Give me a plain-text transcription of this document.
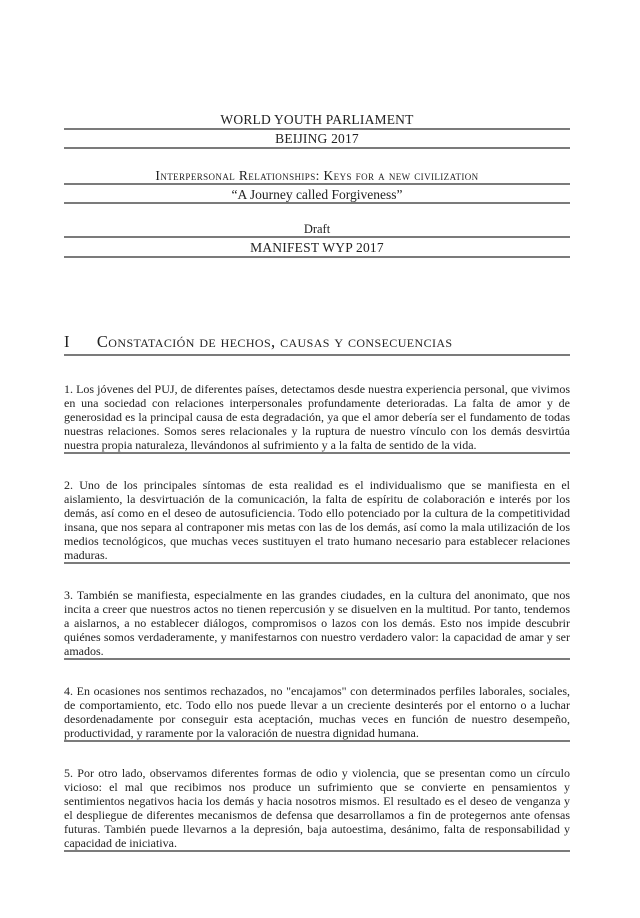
WORLD YOUTH PARLIAMENT
BEIJING 2017
Interpersonal Relationships: Keys for a new civilization
“A Journey called Forgiveness”
Draft
MANIFEST WYP 2017
I Constatación de hechos, causas y consecuencias

1. Los jóvenes del PUJ, de diferentes países, detectamos desde nuestra experiencia personal, que vivimos en una sociedad con relaciones interpersonales profundamente deterioradas. La falta de amor y de generosidad es la principal causa de esta degradación, ya que el amor debería ser el fundamento de todas nuestras relaciones. Somos seres relacionales y la ruptura de nuestro vínculo con los demás desvirtúa nuestra propia naturaleza, llevándonos al sufrimiento y a la falta de sentido de la vida.

2. Uno de los principales síntomas de esta realidad es el individualismo que se manifiesta en el aislamiento, la desvirtuación de la comunicación, la falta de espíritu de colaboración e interés por los demás, así como en el deseo de autosuficiencia. Todo ello potenciado por la cultura de la competitividad insana, que nos separa al contraponer mis metas con las de los demás, así como la mala utilización de los medios tecnológicos, que muchas veces sustituyen el trato humano necesario para establecer relaciones maduras.

3. También se manifiesta, especialmente en las grandes ciudades, en la cultura del anonimato, que nos incita a creer que nuestros actos no tienen repercusión y se disuelven en la multitud. Por tanto, tendemos a aislarnos, a no establecer diálogos, compromisos o lazos con los demás. Esto nos impide descubrir quiénes somos verdaderamente, y manifestarnos con nuestro verdadero valor: la capacidad de amar y ser amados.

4. En ocasiones nos sentimos rechazados, no "encajamos" con determinados perfiles laborales, sociales, de comportamiento, etc. Todo ello nos puede llevar a un creciente desinterés por el entorno o a luchar desordenadamente por conseguir esta aceptación, muchas veces en función de nuestro desempeño, productividad, y raramente por la valoración de nuestra dignidad humana.

5. Por otro lado, observamos diferentes formas de odio y violencia, que se presentan como un círculo vicioso: el mal que recibimos nos produce un sufrimiento que se convierte en pensamientos y sentimientos negativos hacia los demás y hacia nosotros mismos. El resultado es el deseo de venganza y el despliegue de diferentes mecanismos de defensa que desarrollamos a fin de protegernos ante ofensas futuras. También puede llevarnos a la depresión, baja autoestima, desánimo, falta de responsabilidad y capacidad de iniciativa.
